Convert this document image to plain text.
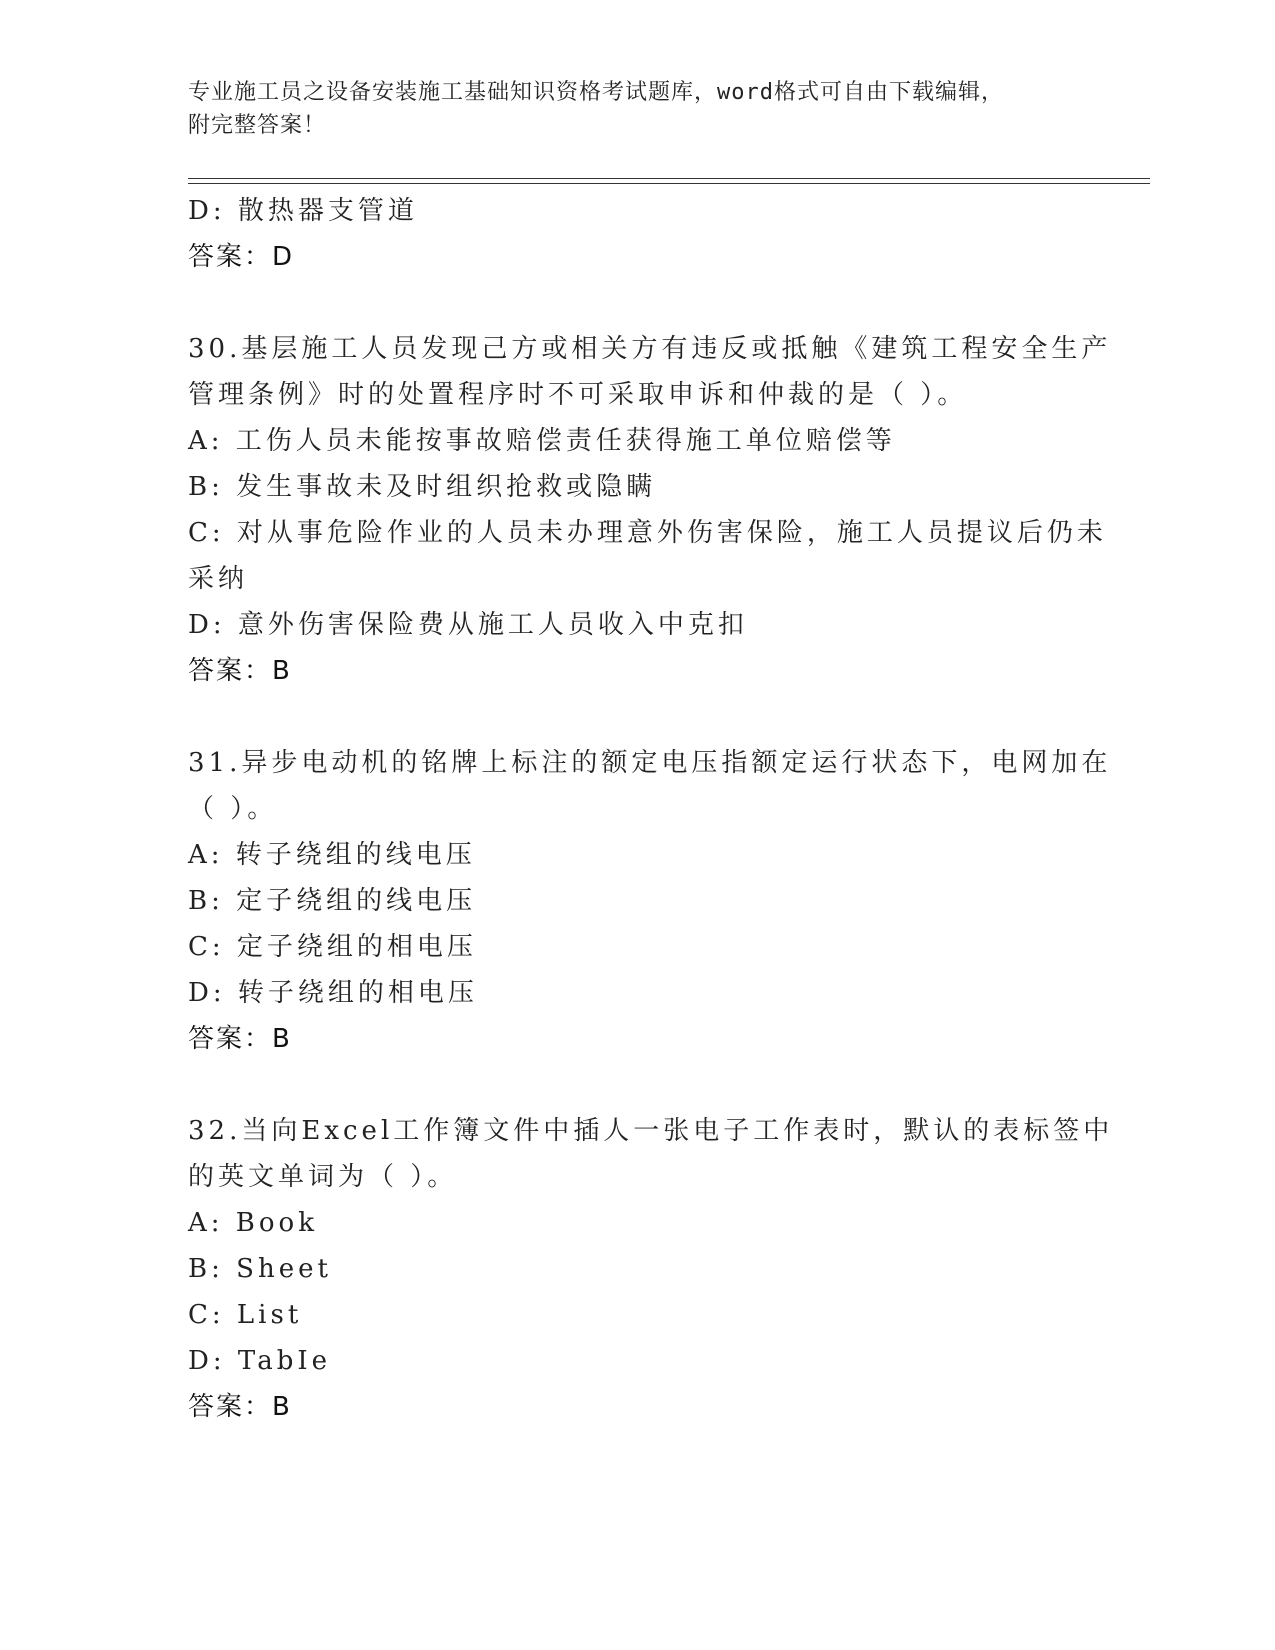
专业施工员之设备安装施工基础知识资格考试题库，word格式可自由下载编辑，
附完整答案！
D: 散热器支管道
答案：D
30.基层施工人员发现己方或相关方有违反或抵触《建筑工程安全生产
管理条例》时的处置程序时不可采取申诉和仲裁的是（ ）。
A: 工伤人员未能按事故赔偿责任获得施工单位赔偿等
B: 发生事故未及时组织抢救或隐瞒
C: 对从事危险作业的人员未办理意外伤害保险，施工人员提议后仍未
采纳
D: 意外伤害保险费从施工人员收入中克扣
答案：B
31.异步电动机的铭牌上标注的额定电压指额定运行状态下，电网加在
（ ）。
A: 转子绕组的线电压
B: 定子绕组的线电压
C: 定子绕组的相电压
D: 转子绕组的相电压
答案：B
32.当向Excel工作簿文件中插人一张电子工作表时，默认的表标签中
的英文单词为（ ）。
A: Book
B: Sheet
C: List
D: TabIe
答案：B
